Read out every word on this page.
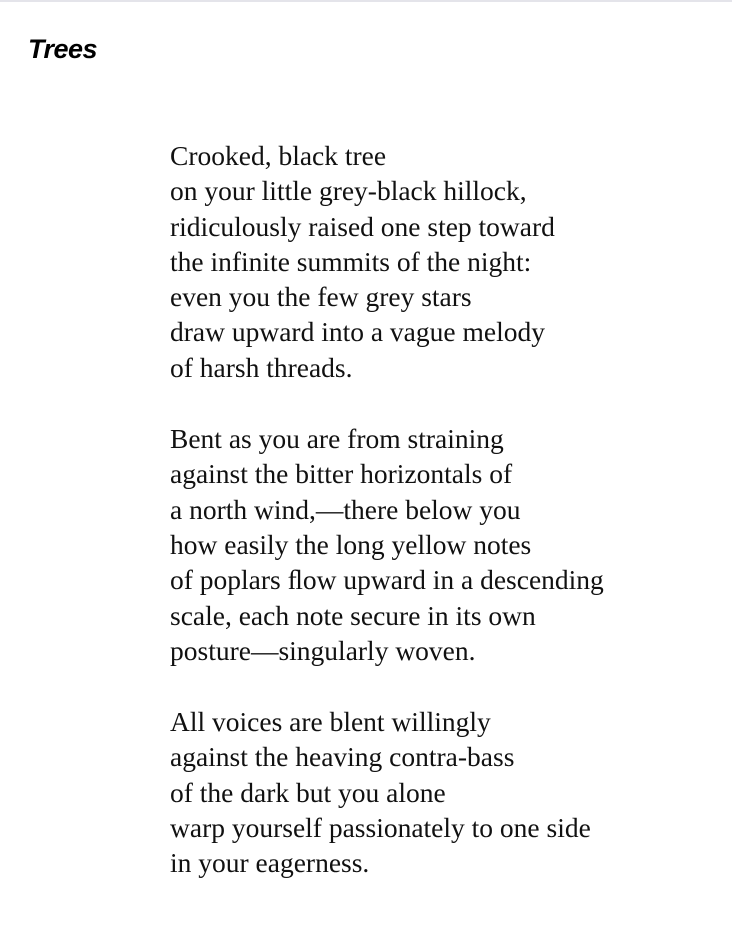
Trees

Crooked, black tree
on your little grey-black hillock,
ridiculously raised one step toward
the infinite summits of the night:
even you the few grey stars
draw upward into a vague melody
of harsh threads.

Bent as you are from straining
against the bitter horizontals of
a north wind,—there below you
how easily the long yellow notes
of poplars ﬂow upward in a descending
scale, each note secure in its own
posture—singularly woven.

All voices are blent willingly
against the heaving contra-bass
of the dark but you alone
warp yourself passionately to one side
in your eagerness.
